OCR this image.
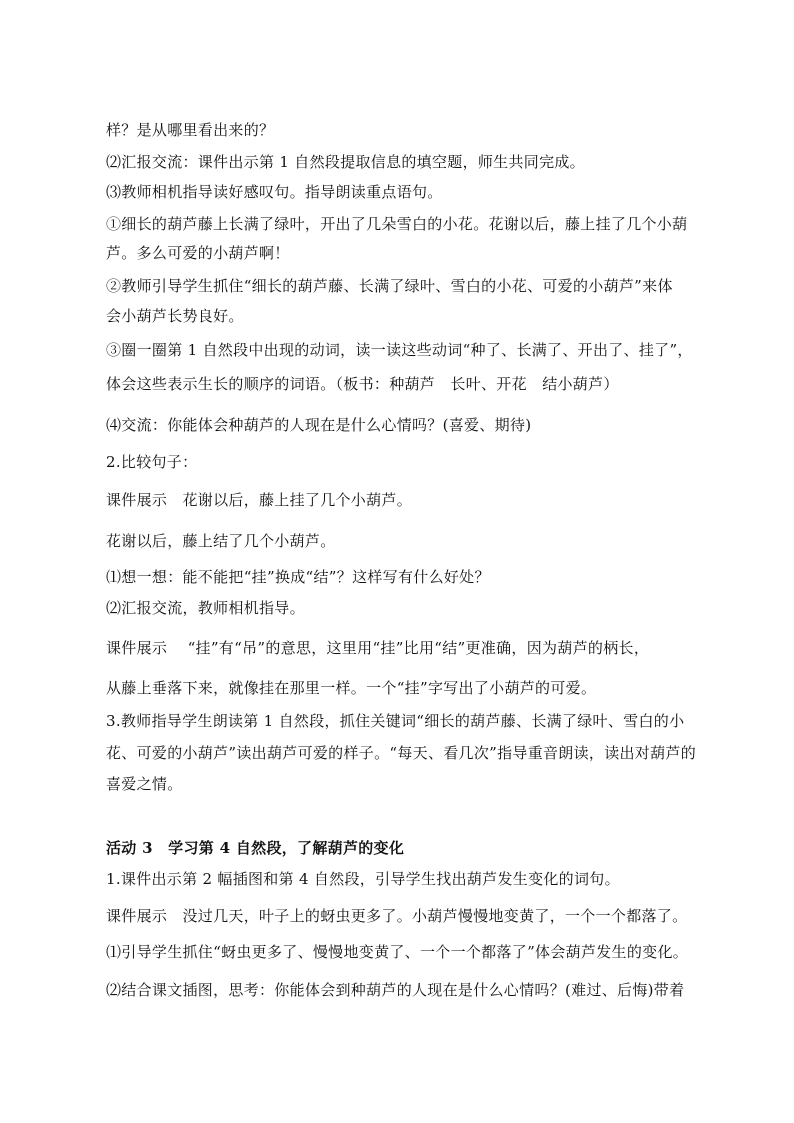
样？是从哪里看出来的？
⑵汇报交流：课件出示第 1 自然段提取信息的填空题，师生共同完成。
⑶教师相机指导读好感叹句。指导朗读重点语句。
①细长的葫芦藤上长满了绿叶，开出了几朵雪白的小花。花谢以后，藤上挂了几个小葫
芦。多么可爱的小葫芦啊！
②教师引导学生抓住“细长的葫芦藤、长满了绿叶、雪白的小花、可爱的小葫芦”来体
会小葫芦长势良好。
③圈一圈第 1 自然段中出现的动词，读一读这些动词“种了、长满了、开出了、挂了”，
体会这些表示生长的顺序的词语。（板书：种葫芦　长叶、开花　结小葫芦）
⑷交流：你能体会种葫芦的人现在是什么心情吗？(喜爱、期待)
2.比较句子：
课件展示　花谢以后，藤上挂了几个小葫芦。
花谢以后，藤上结了几个小葫芦。
⑴想一想：能不能把“挂”换成“结”？这样写有什么好处？
⑵汇报交流，教师相机指导。
课件展示　 “挂”有“吊”的意思，这里用“挂”比用“结”更准确，因为葫芦的柄长，
从藤上垂落下来，就像挂在那里一样。一个“挂”字写出了小葫芦的可爱。
3.教师指导学生朗读第 1 自然段，抓住关键词“细长的葫芦藤、长满了绿叶、雪白的小
花、可爱的小葫芦”读出葫芦可爱的样子。“每天、看几次”指导重音朗读，读出对葫芦的
喜爱之情。
活动 3　学习第 4 自然段，了解葫芦的变化
1.课件出示第 2 幅插图和第 4 自然段，引导学生找出葫芦发生变化的词句。
课件展示　没过几天，叶子上的蚜虫更多了。小葫芦慢慢地变黄了，一个一个都落了。
⑴引导学生抓住“蚜虫更多了、慢慢地变黄了、一个一个都落了”体会葫芦发生的变化。
⑵结合课文插图，思考：你能体会到种葫芦的人现在是什么心情吗？(难过、后悔)带着
